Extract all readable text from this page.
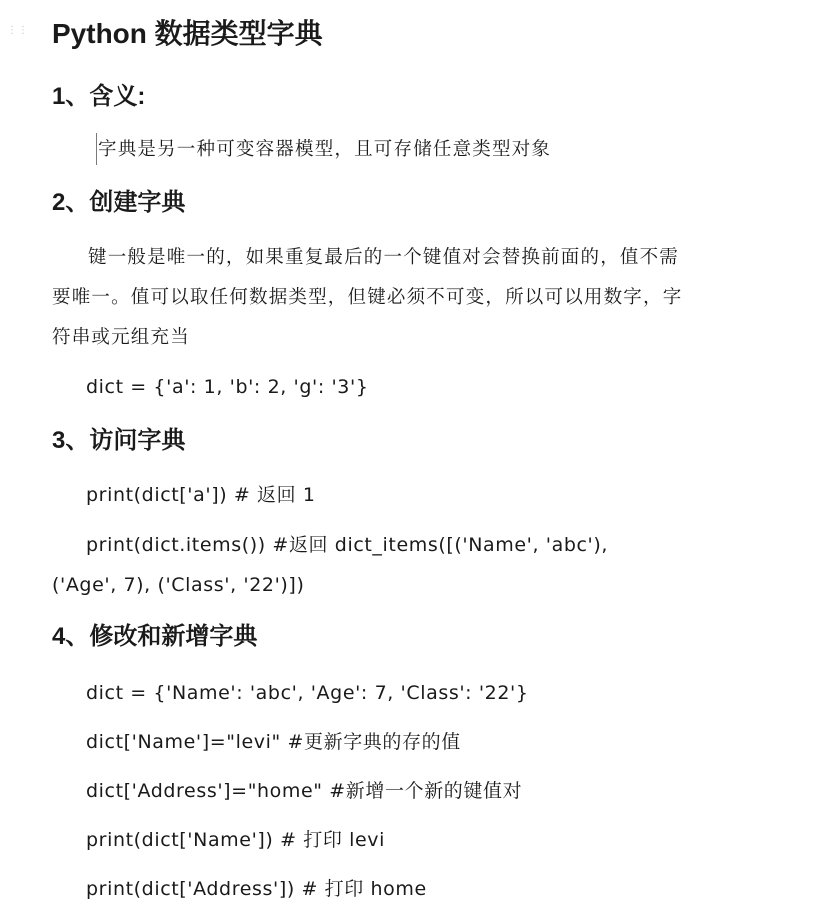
⋮⋮ Python 数据类型字典
1、含义:

字典是另一种可变容器模型，且可存储任意类型对象

2、创建字典

键一般是唯一的，如果重复最后的一个键值对会替换前面的，值不需

要唯一。值可以取任何数据类型，但键必须不可变，所以可以用数字，字

符串或元组充当

dict = {'a': 1, 'b': 2, 'g': '3'}

3、访问字典

print(dict['a']) # 返回 1

print(dict.items()) #返回 dict_items([('Name', 'abc'),

('Age', 7), ('Class', '22')])

4、修改和新增字典

dict = {'Name': 'abc', 'Age': 7, 'Class': '22'}

dict['Name']="levi" #更新字典的存的值

dict['Address']="home" #新增一个新的键值对

print(dict['Name']) # 打印 levi

print(dict['Address']) # 打印 home
